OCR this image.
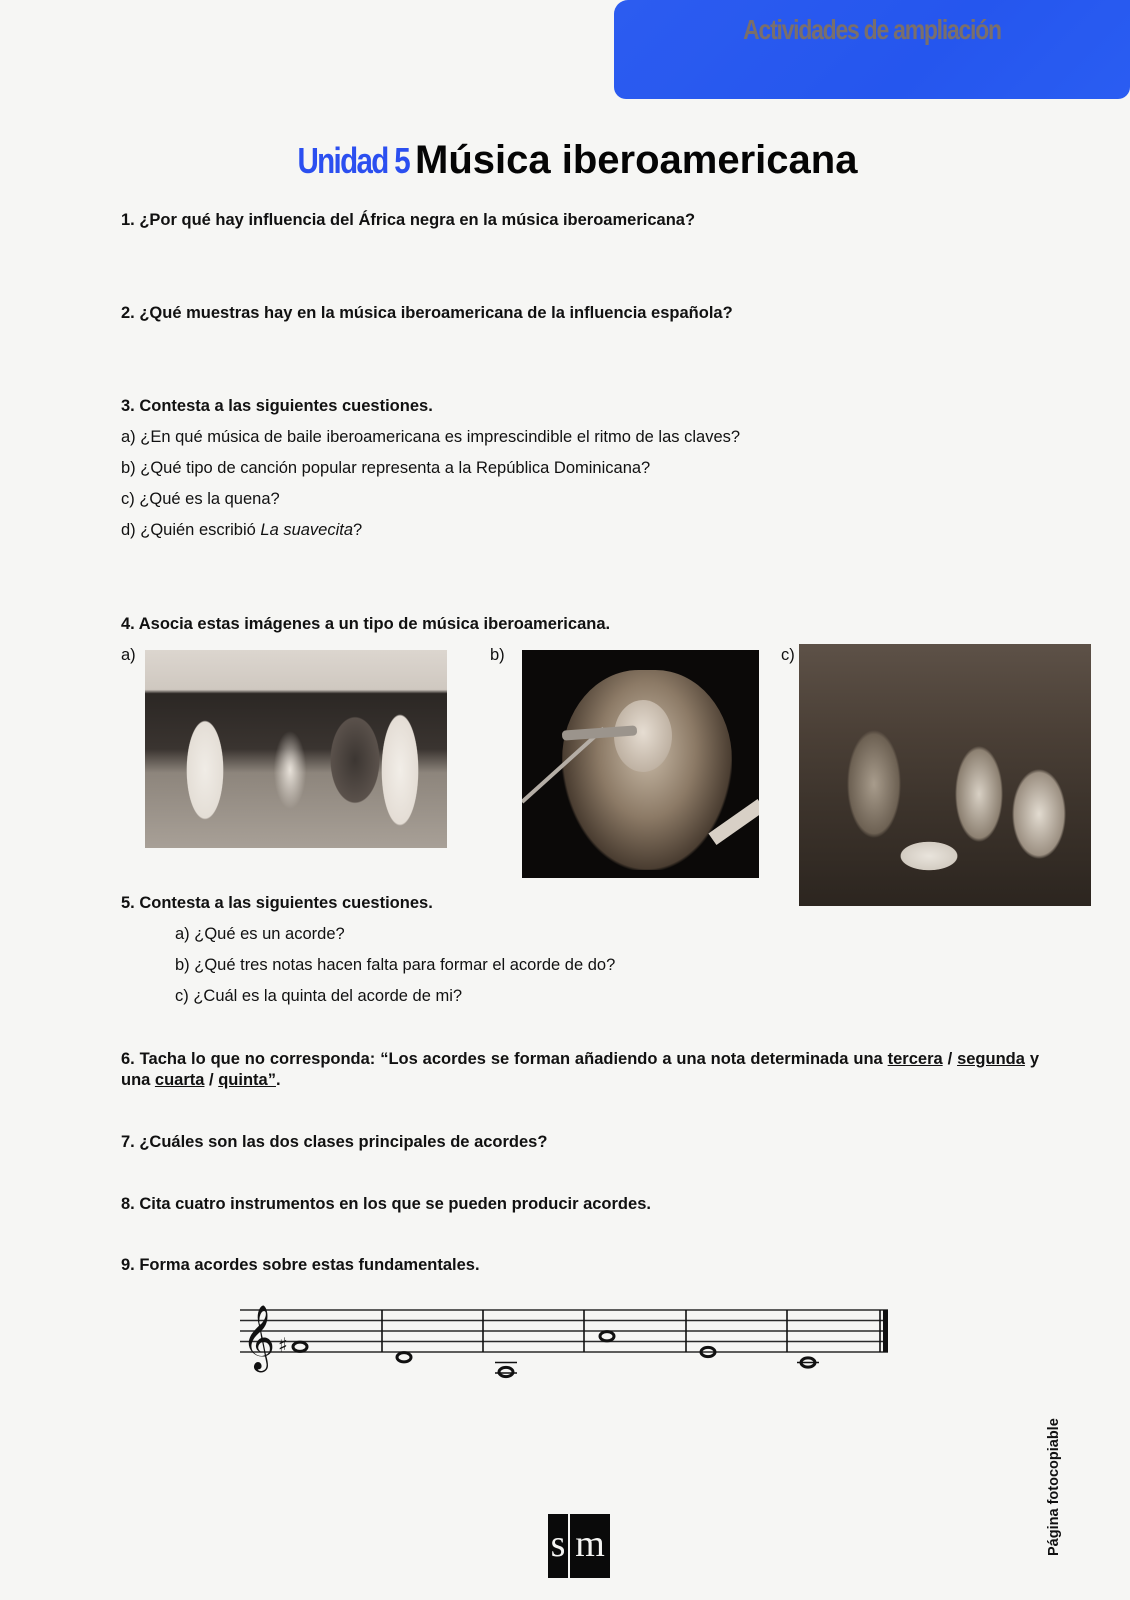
Actividades de ampliación
Unidad 5 Música iberoamericana
1. ¿Por qué hay influencia del África negra en la música iberoamericana?
2. ¿Qué muestras hay en la música iberoamericana de la influencia española?
3. Contesta a las siguientes cuestiones.
a) ¿En qué música de baile iberoamericana es imprescindible el ritmo de las claves?
b) ¿Qué tipo de canción popular representa a la República Dominicana?
c) ¿Qué es la quena?
d) ¿Quién escribió La suavecita?
4. Asocia estas imágenes a un tipo de música iberoamericana.
a)	b)	c)
5. Contesta a las siguientes cuestiones.
a) ¿Qué es un acorde?
b) ¿Qué tres notas hacen falta para formar el acorde de do?
c) ¿Cuál es la quinta del acorde de mi?
6. Tacha lo que no corresponda: “Los acordes se forman añadiendo a una nota determinada una tercera / segunda y una cuarta / quinta”.
7. ¿Cuáles son las dos clases principales de acordes?
8. Cita cuatro instrumentos en los que se pueden producir acordes.
9. Forma acordes sobre estas fundamentales.
𝄞 ♯
s m	Página fotocopiable
